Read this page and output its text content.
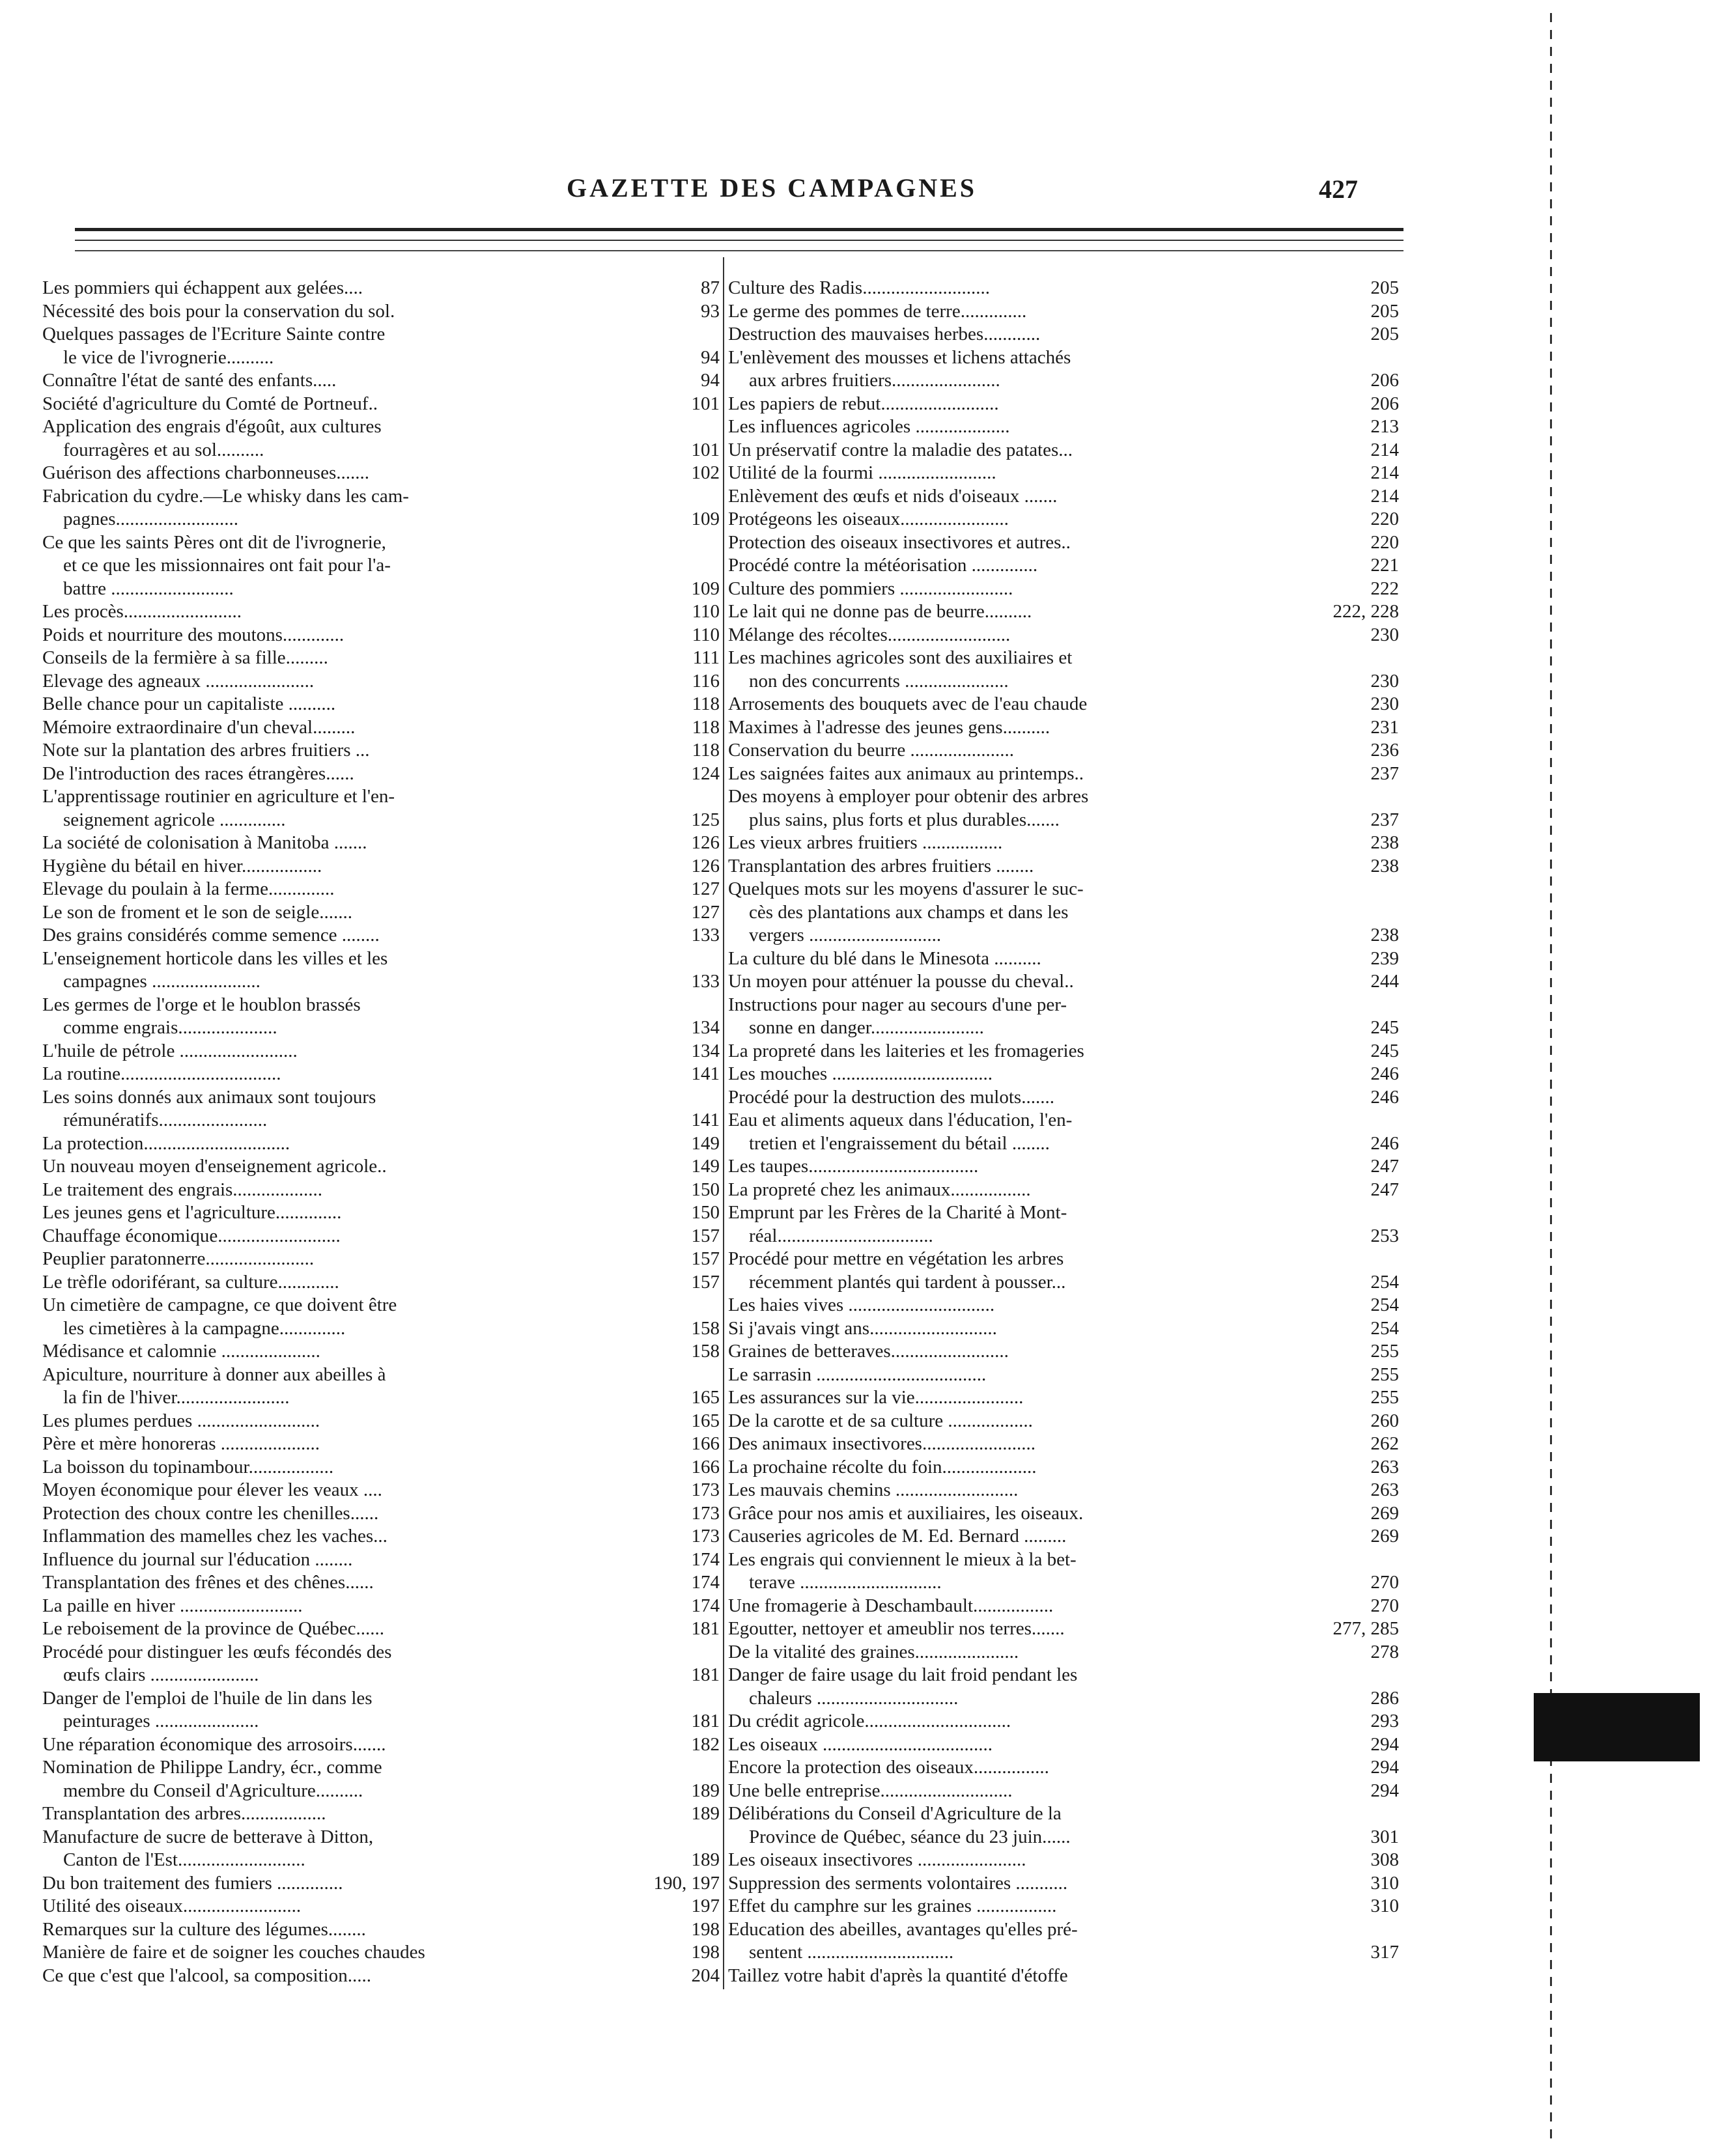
GAZETTE DES CAMPAGNES	427
Les pommiers qui échappent aux gelées....	87
Nécessité des bois pour la conservation du sol.	93
Quelques passages de l'Ecriture Sainte contre
le vice de l'ivrognerie..........	94
Connaître l'état de santé des enfants.....	94
Société d'agriculture du Comté de Portneuf..	101
Application des engrais d'égoût, aux cultures
fourragères et au sol..........	101
Guérison des affections charbonneuses.......	102
Fabrication du cydre.—Le whisky dans les cam-
pagnes..........................	109
Ce que les saints Pères ont dit de l'ivrognerie,
et ce que les missionnaires ont fait pour l'a-
battre ..........................	109
Les procès.........................	110
Poids et nourriture des moutons.............	110
Conseils de la fermière à sa fille.........	111
Elevage des agneaux .......................	116
Belle chance pour un capitaliste ..........	118
Mémoire extraordinaire d'un cheval.........	118
Note sur la plantation des arbres fruitiers ...	118
De l'introduction des races étrangères......	124
L'apprentissage routinier en agriculture et l'en-
seignement agricole ..............	125
La société de colonisation à Manitoba .......	126
Hygiène du bétail en hiver.................	126
Elevage du poulain à la ferme..............	127
Le son de froment et le son de seigle.......	127
Des grains considérés comme semence ........	133
L'enseignement horticole dans les villes et les
campagnes .......................	133
Les germes de l'orge et le houblon brassés
comme engrais.....................	134
L'huile de pétrole .........................	134
La routine..................................	141
Les soins donnés aux animaux sont toujours
rémunératifs.......................	141
La protection...............................	149
Un nouveau moyen d'enseignement agricole..	149
Le traitement des engrais...................	150
Les jeunes gens et l'agriculture..............	150
Chauffage économique..........................	157
Peuplier paratonnerre.......................	157
Le trèfle odoriférant, sa culture.............	157
Un cimetière de campagne, ce que doivent être
les cimetières à la campagne..............	158
Médisance et calomnie .....................	158
Apiculture, nourriture à donner aux abeilles à
la fin de l'hiver........................	165
Les plumes perdues ..........................	165
Père et mère honoreras .....................	166
La boisson du topinambour..................	166
Moyen économique pour élever les veaux ....	173
Protection des choux contre les chenilles......	173
Inflammation des mamelles chez les vaches...	173
Influence du journal sur l'éducation ........	174
Transplantation des frênes et des chênes......	174
La paille en hiver ..........................	174
Le reboisement de la province de Québec......	181
Procédé pour distinguer les œufs fécondés des
œufs clairs .......................	181
Danger de l'emploi de l'huile de lin dans les
peinturages ......................	181
Une réparation économique des arrosoirs.......	182
Nomination de Philippe Landry, écr., comme
membre du Conseil d'Agriculture..........	189
Transplantation des arbres..................	189
Manufacture de sucre de betterave à Ditton,
Canton de l'Est...........................	189
Du bon traitement des fumiers ..............	190, 197
Utilité des oiseaux.........................	197
Remarques sur la culture des légumes........	198
Manière de faire et de soigner les couches chaudes	198
Ce que c'est que l'alcool, sa composition.....	204
Culture des Radis...........................	205
Le germe des pommes de terre..............	205
Destruction des mauvaises herbes............	205
L'enlèvement des mousses et lichens attachés
aux arbres fruitiers.......................	206
Les papiers de rebut.........................	206
Les influences agricoles ....................	213
Un préservatif contre la maladie des patates...	214
Utilité de la fourmi .........................	214
Enlèvement des œufs et nids d'oiseaux .......	214
Protégeons les oiseaux.......................	220
Protection des oiseaux insectivores et autres..	220
Procédé contre la météorisation ..............	221
Culture des pommiers ........................	222
Le lait qui ne donne pas de beurre..........	222, 228
Mélange des récoltes..........................	230
Les machines agricoles sont des auxiliaires et
non des concurrents ......................	230
Arrosements des bouquets avec de l'eau chaude	230
Maximes à l'adresse des jeunes gens..........	231
Conservation du beurre ......................	236
Les saignées faites aux animaux au printemps..	237
Des moyens à employer pour obtenir des arbres
plus sains, plus forts et plus durables.......	237
Les vieux arbres fruitiers .................	238
Transplantation des arbres fruitiers ........	238
Quelques mots sur les moyens d'assurer le suc-
cès des plantations aux champs et dans les
vergers ............................	238
La culture du blé dans le Minesota ..........	239
Un moyen pour atténuer la pousse du cheval..	244
Instructions pour nager au secours d'une per-
sonne en danger........................	245
La propreté dans les laiteries et les fromageries	245
Les mouches ..................................	246
Procédé pour la destruction des mulots.......	246
Eau et aliments aqueux dans l'éducation, l'en-
tretien et l'engraissement du bétail ........	246
Les taupes....................................	247
La propreté chez les animaux.................	247
Emprunt par les Frères de la Charité à Mont-
réal.................................	253
Procédé pour mettre en végétation les arbres
récemment plantés qui tardent à pousser...	254
Les haies vives ...............................	254
Si j'avais vingt ans...........................	254
Graines de betteraves.........................	255
Le sarrasin ....................................	255
Les assurances sur la vie.......................	255
De la carotte et de sa culture ..................	260
Des animaux insectivores........................	262
La prochaine récolte du foin....................	263
Les mauvais chemins ..........................	263
Grâce pour nos amis et auxiliaires, les oiseaux.	269
Causeries agricoles de M. Ed. Bernard .........	269
Les engrais qui conviennent le mieux à la bet-
terave ..............................	270
Une fromagerie à Deschambault.................	270
Egoutter, nettoyer et ameublir nos terres.......	277, 285
De la vitalité des graines......................	278
Danger de faire usage du lait froid pendant les
chaleurs ..............................	286
Du crédit agricole...............................	293
Les oiseaux ....................................	294
Encore la protection des oiseaux................	294
Une belle entreprise............................	294
Délibérations du Conseil d'Agriculture de la
Province de Québec, séance du 23 juin......	301
Les oiseaux insectivores .......................	308
Suppression des serments volontaires ...........	310
Effet du camphre sur les graines .................	310
Education des abeilles, avantages qu'elles pré-
sentent ...............................	317
Taillez votre habit d'après la quantité d'étoffe
